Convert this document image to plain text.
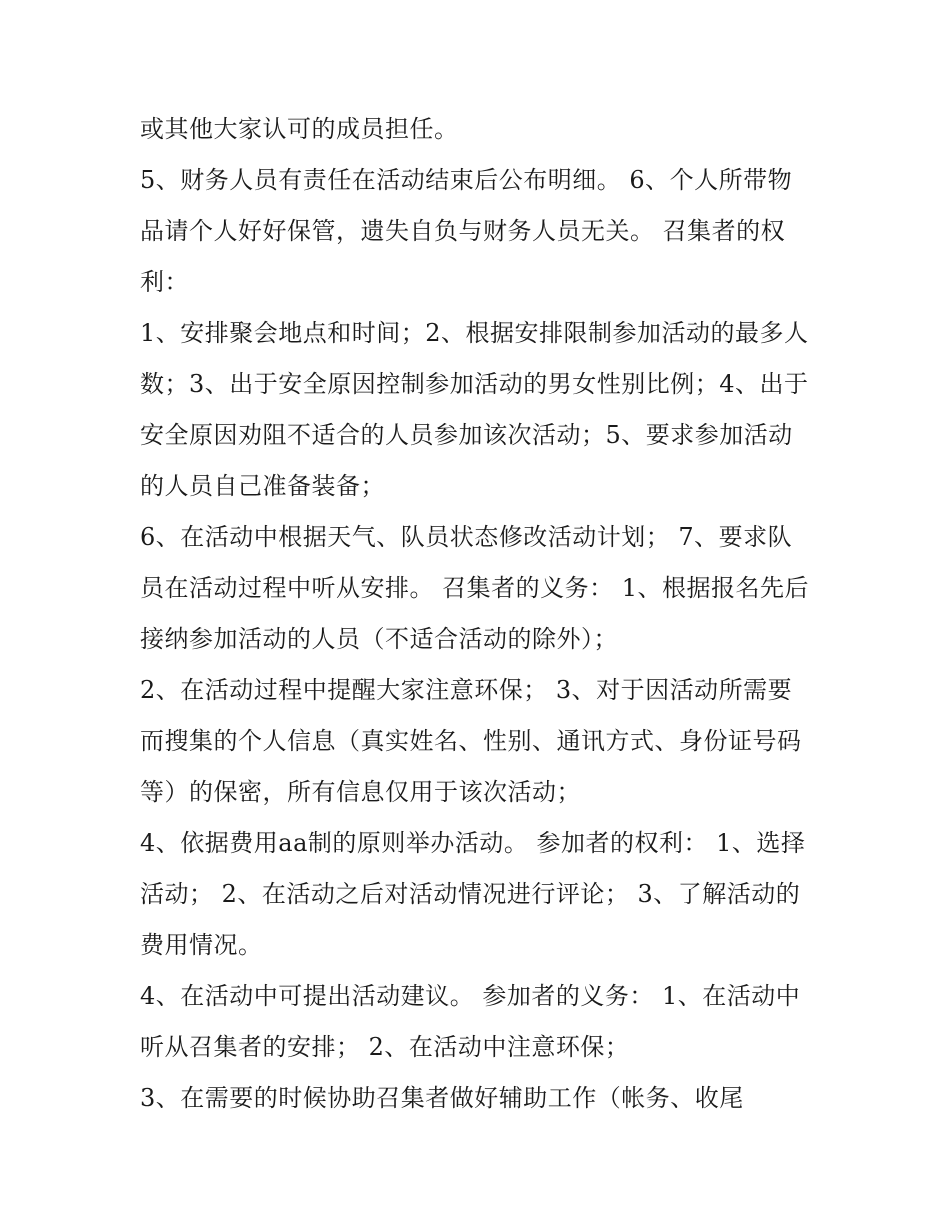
或其他大家认可的成员担任。
5、财务人员有责任在活动结束后公布明细。 6、个人所带物
品请个人好好保管，遗失自负与财务人员无关。 召集者的权
利：
1、安排聚会地点和时间；2、根据安排限制参加活动的最多人
数；3、出于安全原因控制参加活动的男女性别比例；4、出于
安全原因劝阻不适合的人员参加该次活动；5、要求参加活动
的人员自己准备装备；
6、在活动中根据天气、队员状态修改活动计划； 7、要求队
员在活动过程中听从安排。 召集者的义务： 1、根据报名先后
接纳参加活动的人员（不适合活动的除外）；
2、在活动过程中提醒大家注意环保； 3、对于因活动所需要
而搜集的个人信息（真实姓名、性别、通讯方式、身份证号码
等）的保密，所有信息仅用于该次活动；
4、依据费用aa制的原则举办活动。 参加者的权利： 1、选择
活动； 2、在活动之后对活动情况进行评论； 3、了解活动的
费用情况。
4、在活动中可提出活动建议。 参加者的义务： 1、在活动中
听从召集者的安排； 2、在活动中注意环保；
3、在需要的时候协助召集者做好辅助工作（帐务、收尾
